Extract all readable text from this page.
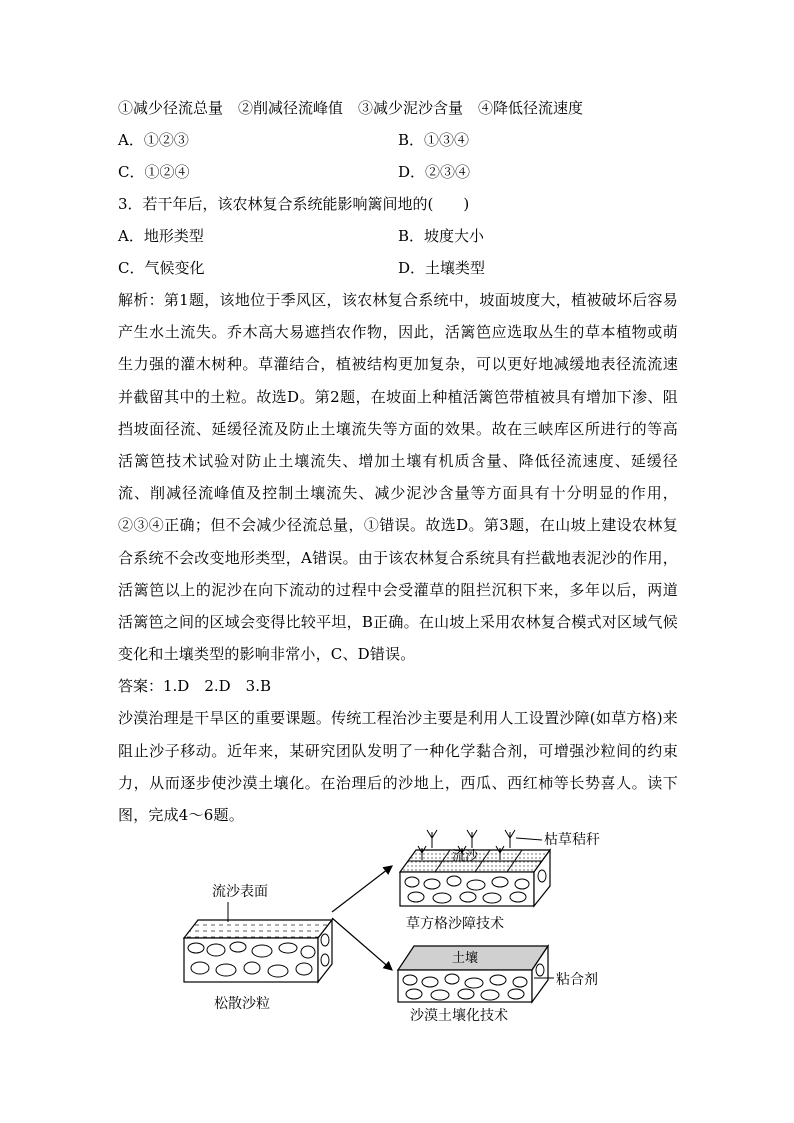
①减少径流总量　②削减径流峰值　③减少泥沙含量　④降低径流速度
A．①②③	B．①③④
C．①②④	D．②③④
3．若干年后，该农林复合系统能影响篱间地的(　　)
A．地形类型	B．坡度大小
C．气候变化	D．土壤类型
解析：第1题，该地位于季风区，该农林复合系统中，坡面坡度大，植被破坏后容易产生水土流失。乔木高大易遮挡农作物，因此，活篱笆应选取丛生的草本植物或萌生力强的灌木树种。草灌结合，植被结构更加复杂，可以更好地减缓地表径流流速并截留其中的土粒。故选D。第2题，在坡面上种植活篱笆带植被具有增加下渗、阻挡坡面径流、延缓径流及防止土壤流失等方面的效果。故在三峡库区所进行的等高活篱笆技术试验对防止土壤流失、增加土壤有机质含量、降低径流速度、延缓径流、削减径流峰值及控制土壤流失、减少泥沙含量等方面具有十分明显的作用，②③④正确；但不会减少径流总量，①错误。故选D。第3题，在山坡上建设农林复合系统不会改变地形类型，A错误。由于该农林复合系统具有拦截地表泥沙的作用，活篱笆以上的泥沙在向下流动的过程中会受灌草的阻拦沉积下来，多年以后，两道活篱笆之间的区域会变得比较平坦，B正确。在山坡上采用农林复合模式对区域气候变化和土壤类型的影响非常小，C、D错误。
答案：1.D　2.D　3.B
沙漠治理是干旱区的重要课题。传统工程治沙主要是利用人工设置沙障(如草方格)来阻止沙子移动。近年来，某研究团队发明了一种化学黏合剂，可增强沙粒间的约束力，从而逐步使沙漠土壤化。在治理后的沙地上，西瓜、西红柿等长势喜人。读下图，完成4～6题。
流沙表面
松散沙粒
流沙
枯草秸秆
草方格沙障技术
土壤
粘合剂
沙漠土壤化技术
